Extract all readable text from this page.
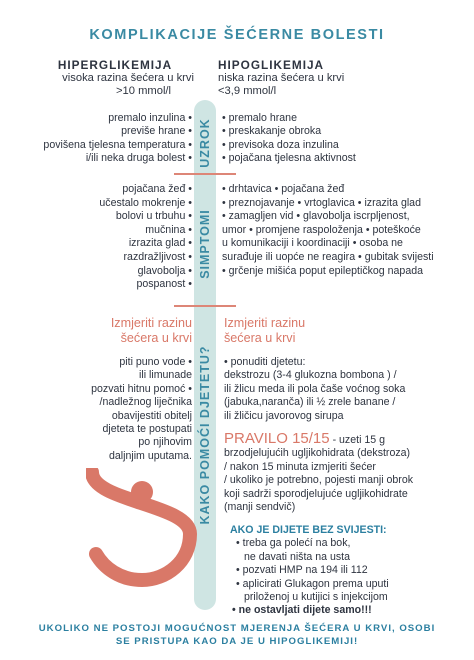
KOMPLIKACIJE ŠEĆERNE BOLESTI
HIPERGLIKEMIJA
visoka razina šećera u krvi
>10 mmol/l
HIPOGLIKEMIJA
niska razina šećera u krvi
<3,9 mmol/l
UZROK
SIMPTOMI
KAKO POMOĆI DJETETU?
premalo inzulina •
previše hrane •
povišena tjelesna temperatura •
i/ili neka druga bolest •
• premalo hrane
• preskakanje obroka
• previsoka doza inzulina
• pojačana tjelesna aktivnost
pojačana žeđ •
učestalo mokrenje •
bolovi u trbuhu •
mučnina •
izrazita glad •
razdražljivost •
glavobolja •
pospanost •
• drhtavica • pojačana žeđ
• preznojavanje • vrtoglavica • izrazita glad
• zamagljen vid • glavobolja iscrpljenost,
umor • promjene raspoloženja • poteškoće
u komunikaciji i koordinaciji • osoba ne
surađuje ili uopće ne reagira • gubitak svijesti
• grčenje mišića poput epileptičkog napada
Izmjeriti razinu
šećera u krvi
piti puno vode •
ili limunade
pozvati hitnu pomoć •
/nadležnog liječnika
obavijestiti obitelj
djeteta te postupati
po njihovim
daljnjim uputama.
Izmjeriti razinu
šećera u krvi
• ponuditi djetetu:
dekstrozu (3-4 glukozna bombona ) /
ili žlicu meda ili pola čaše voćnog soka
(jabuka,naranča) ili ½ zrele banane /
ili žličicu javorovog sirupa
PRAVILO 15/15 - uzeti 15 g
brzodjelujućih ugljikohidrata (dekstroza)
/ nakon 15 minuta izmjeriti šećer
/ ukoliko je potrebno, pojesti manji obrok
koji sadrži sporodjelujuće ugljikohidrate
(manji sendvič)
AKO JE DIJETE BEZ SVIJESTI:
• treba ga polećí na bok,
ne davati ništa na usta
• pozvati HMP na 194 ili 112
• aplicirati Glukagon prema uputi
priloženoj u kutijici s injekcijom
• ne ostavljati dijete samo!!!
UKOLIKO NE POSTOJI MOGUĆNOST MJERENJA ŠEĆERA U KRVI, OSOBI
SE PRISTUPA KAO DA JE U HIPOGLIKEMIJI!
